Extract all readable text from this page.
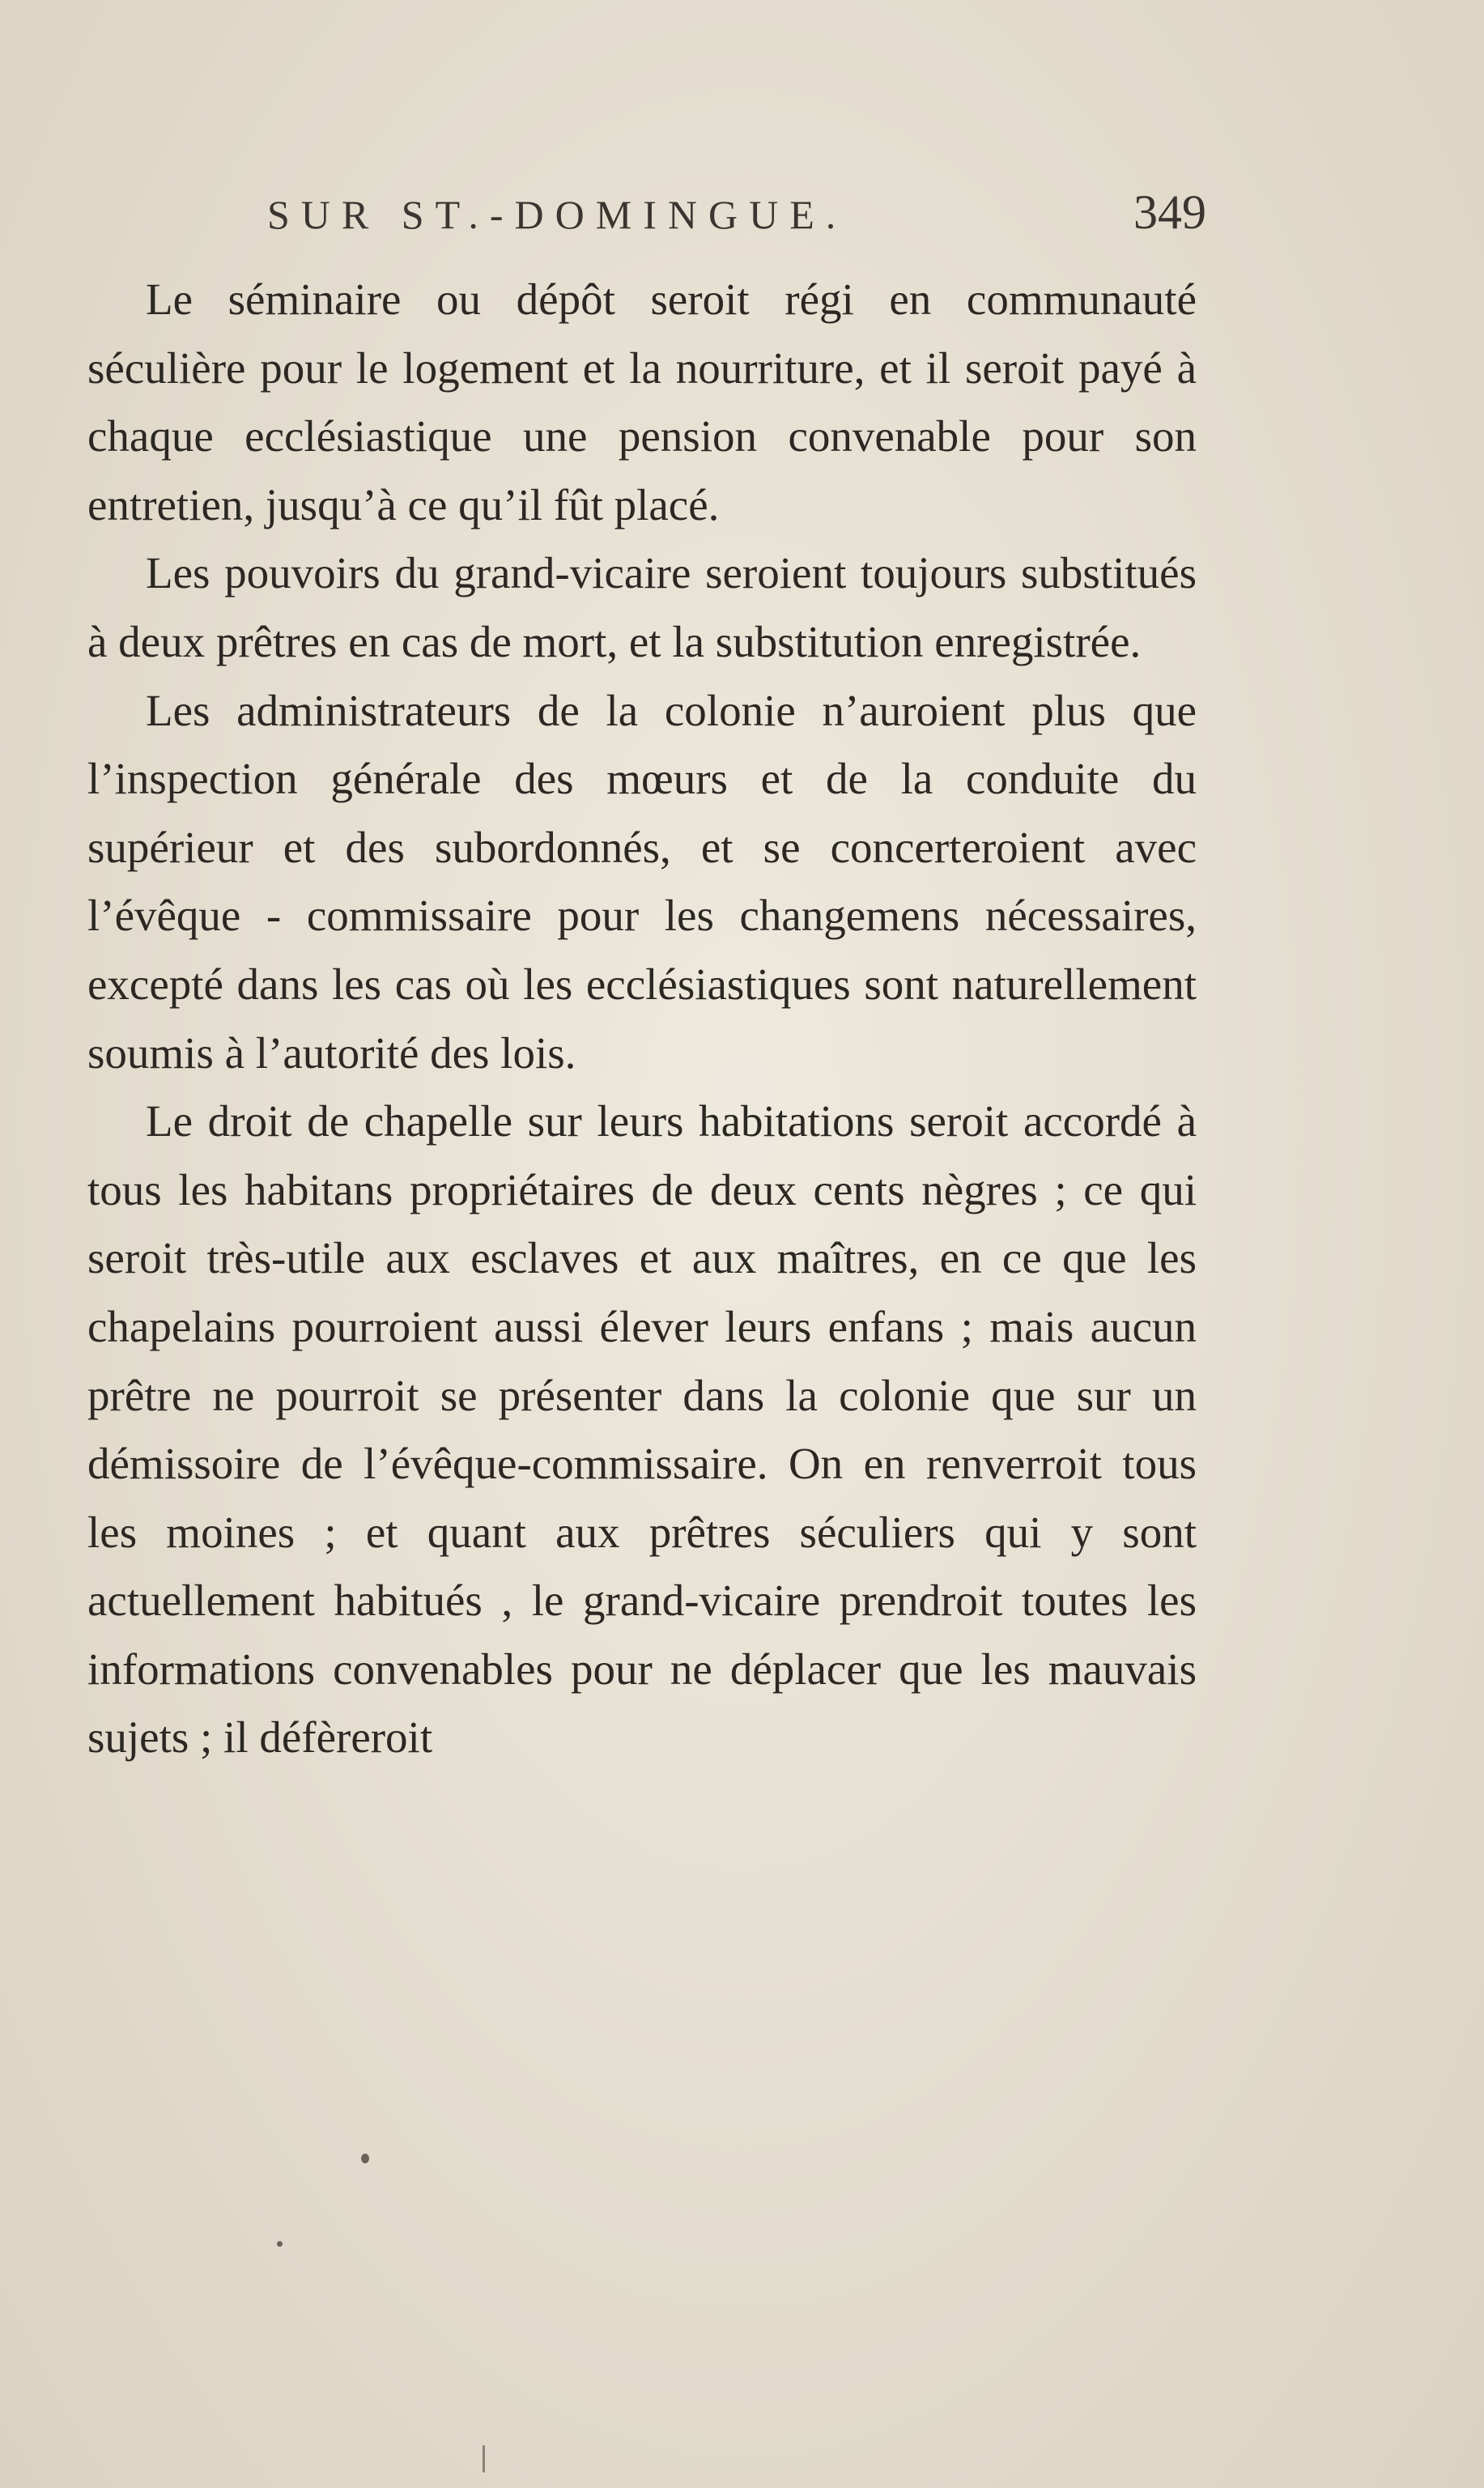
SUR ST.-DOMINGUE.	349

Le séminaire ou dépôt seroit régi en communauté séculière pour le logement et la nourriture, et il seroit payé à chaque ecclésiastique une pension convenable pour son entretien, jusqu’à ce qu’il fût placé.

Les pouvoirs du grand-vicaire seroient toujours substitués à deux prêtres en cas de mort, et la substitution enregistrée.

Les administrateurs de la colonie n’auroient plus que l’inspection générale des mœurs et de la conduite du supérieur et des subordonnés, et se concerteroient avec l’évêque - commissaire pour les changemens nécessaires, excepté dans les cas où les ecclésiastiques sont naturellement soumis à l’autorité des lois.

Le droit de chapelle sur leurs habitations seroit accordé à tous les habitans propriétaires de deux cents nègres ; ce qui seroit très-utile aux esclaves et aux maîtres, en ce que les chapelains pourroient aussi élever leurs enfans ; mais aucun prêtre ne pourroit se présenter dans la colonie que sur un démissoire de l’évêque-commissaire. On en renverroit tous les moines ; et quant aux prêtres séculiers qui y sont actuellement habitués , le grand-vicaire prendroit toutes les informations convenables pour ne déplacer que les mauvais sujets ; il défèreroit
